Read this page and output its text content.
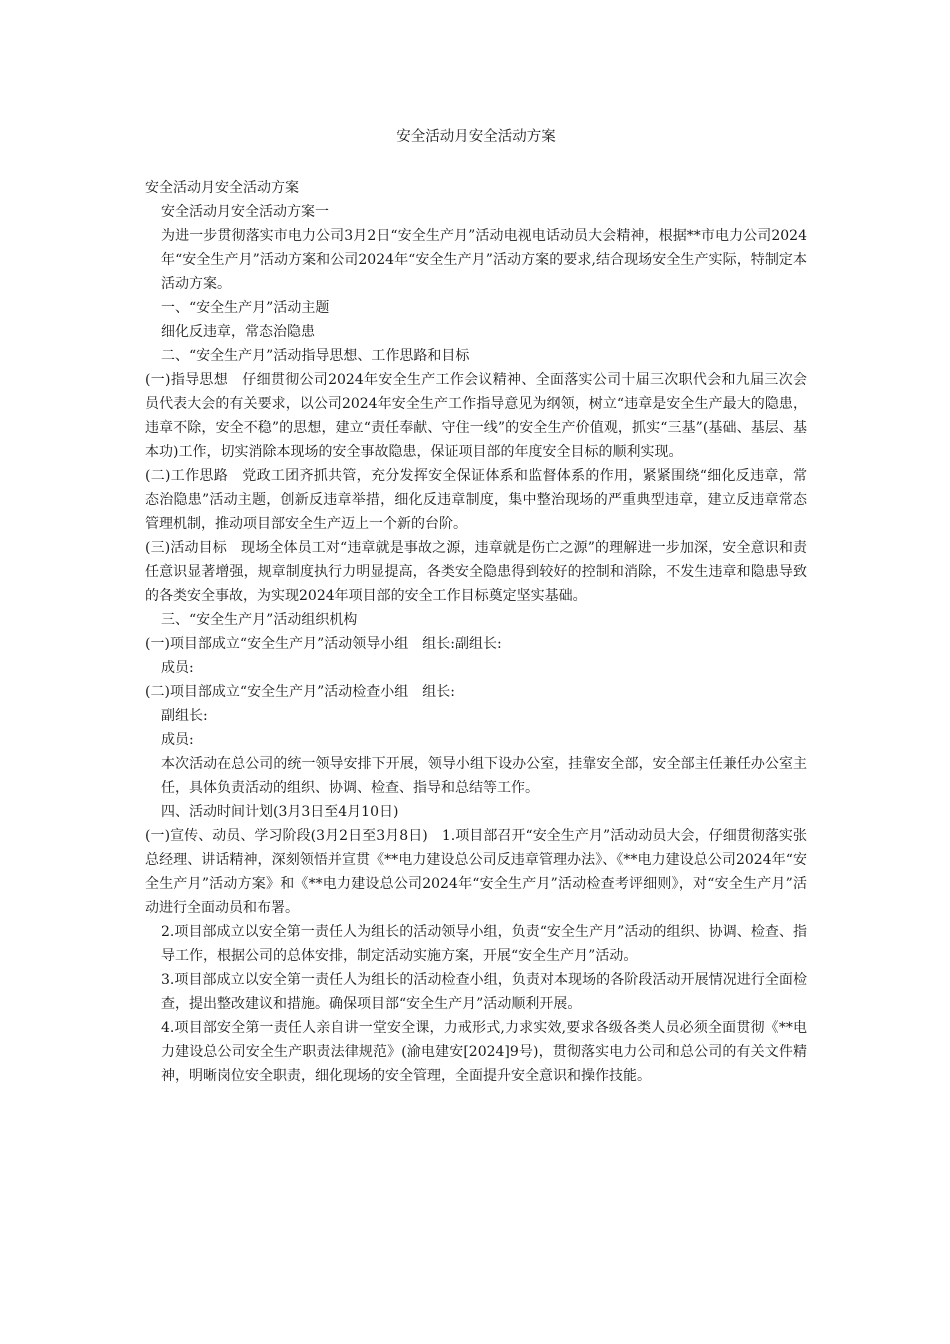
安全活动月安全活动方案

安全活动月安全活动方案

安全活动月安全活动方案一

为进一步贯彻落实市电力公司3月2日“安全生产月”活动电视电话动员大会精神，根据**市电力公司2024年“安全生产月”活动方案和公司2024年“安全生产月”活动方案的要求,结合现场安全生产实际，特制定本活动方案。

一、“安全生产月”活动主题

细化反违章，常态治隐患

二、“安全生产月”活动指导思想、工作思路和目标

(一)指导思想　仔细贯彻公司2024年安全生产工作会议精神、全面落实公司十届三次职代会和九届三次会员代表大会的有关要求，以公司2024年安全生产工作指导意见为纲领，树立“违章是安全生产最大的隐患，违章不除，安全不稳”的思想，建立“责任奉献、守住一线”的安全生产价值观，抓实“三基”(基础、基层、基本功)工作，切实消除本现场的安全事故隐患，保证项目部的年度安全目标的顺利实现。

(二)工作思路　党政工团齐抓共管，充分发挥安全保证体系和监督体系的作用，紧紧围绕“细化反违章，常态治隐患”活动主题，创新反违章举措，细化反违章制度，集中整治现场的严重典型违章，建立反违章常态管理机制，推动项目部安全生产迈上一个新的台阶。

(三)活动目标　现场全体员工对“违章就是事故之源，违章就是伤亡之源”的理解进一步加深，安全意识和责任意识显著增强，规章制度执行力明显提高，各类安全隐患得到较好的控制和消除，不发生违章和隐患导致的各类安全事故，为实现2024年项目部的安全工作目标奠定坚实基础。

三、“安全生产月”活动组织机构

(一)项目部成立“安全生产月”活动领导小组　组长:副组长:

成员:

(二)项目部成立“安全生产月”活动检查小组　组长:

副组长:

成员:

本次活动在总公司的统一领导安排下开展，领导小组下设办公室，挂靠安全部，安全部主任兼任办公室主任，具体负责活动的组织、协调、检查、指导和总结等工作。

四、活动时间计划(3月3日至4月10日)

(一)宣传、动员、学习阶段(3月2日至3月8日)　1.项目部召开“安全生产月”活动动员大会，仔细贯彻落实张总经理、讲话精神，深刻领悟并宣贯《**电力建设总公司反违章管理办法》、《**电力建设总公司2024年“安全生产月”活动方案》和《**电力建设总公司2024年“安全生产月”活动检查考评细则》，对“安全生产月”活动进行全面动员和布署。

2.项目部成立以安全第一责任人为组长的活动领导小组，负责“安全生产月”活动的组织、协调、检查、指导工作，根据公司的总体安排，制定活动实施方案，开展“安全生产月”活动。

3.项目部成立以安全第一责任人为组长的活动检查小组，负责对本现场的各阶段活动开展情况进行全面检查，提出整改建议和措施。确保项目部“安全生产月”活动顺利开展。

4.项目部安全第一责任人亲自讲一堂安全课，力戒形式,力求实效,要求各级各类人员必须全面贯彻《**电力建设总公司安全生产职责法律规范》(渝电建安[2024]9号)，贯彻落实电力公司和总公司的有关文件精神，明晰岗位安全职责，细化现场的安全管理，全面提升安全意识和操作技能。
